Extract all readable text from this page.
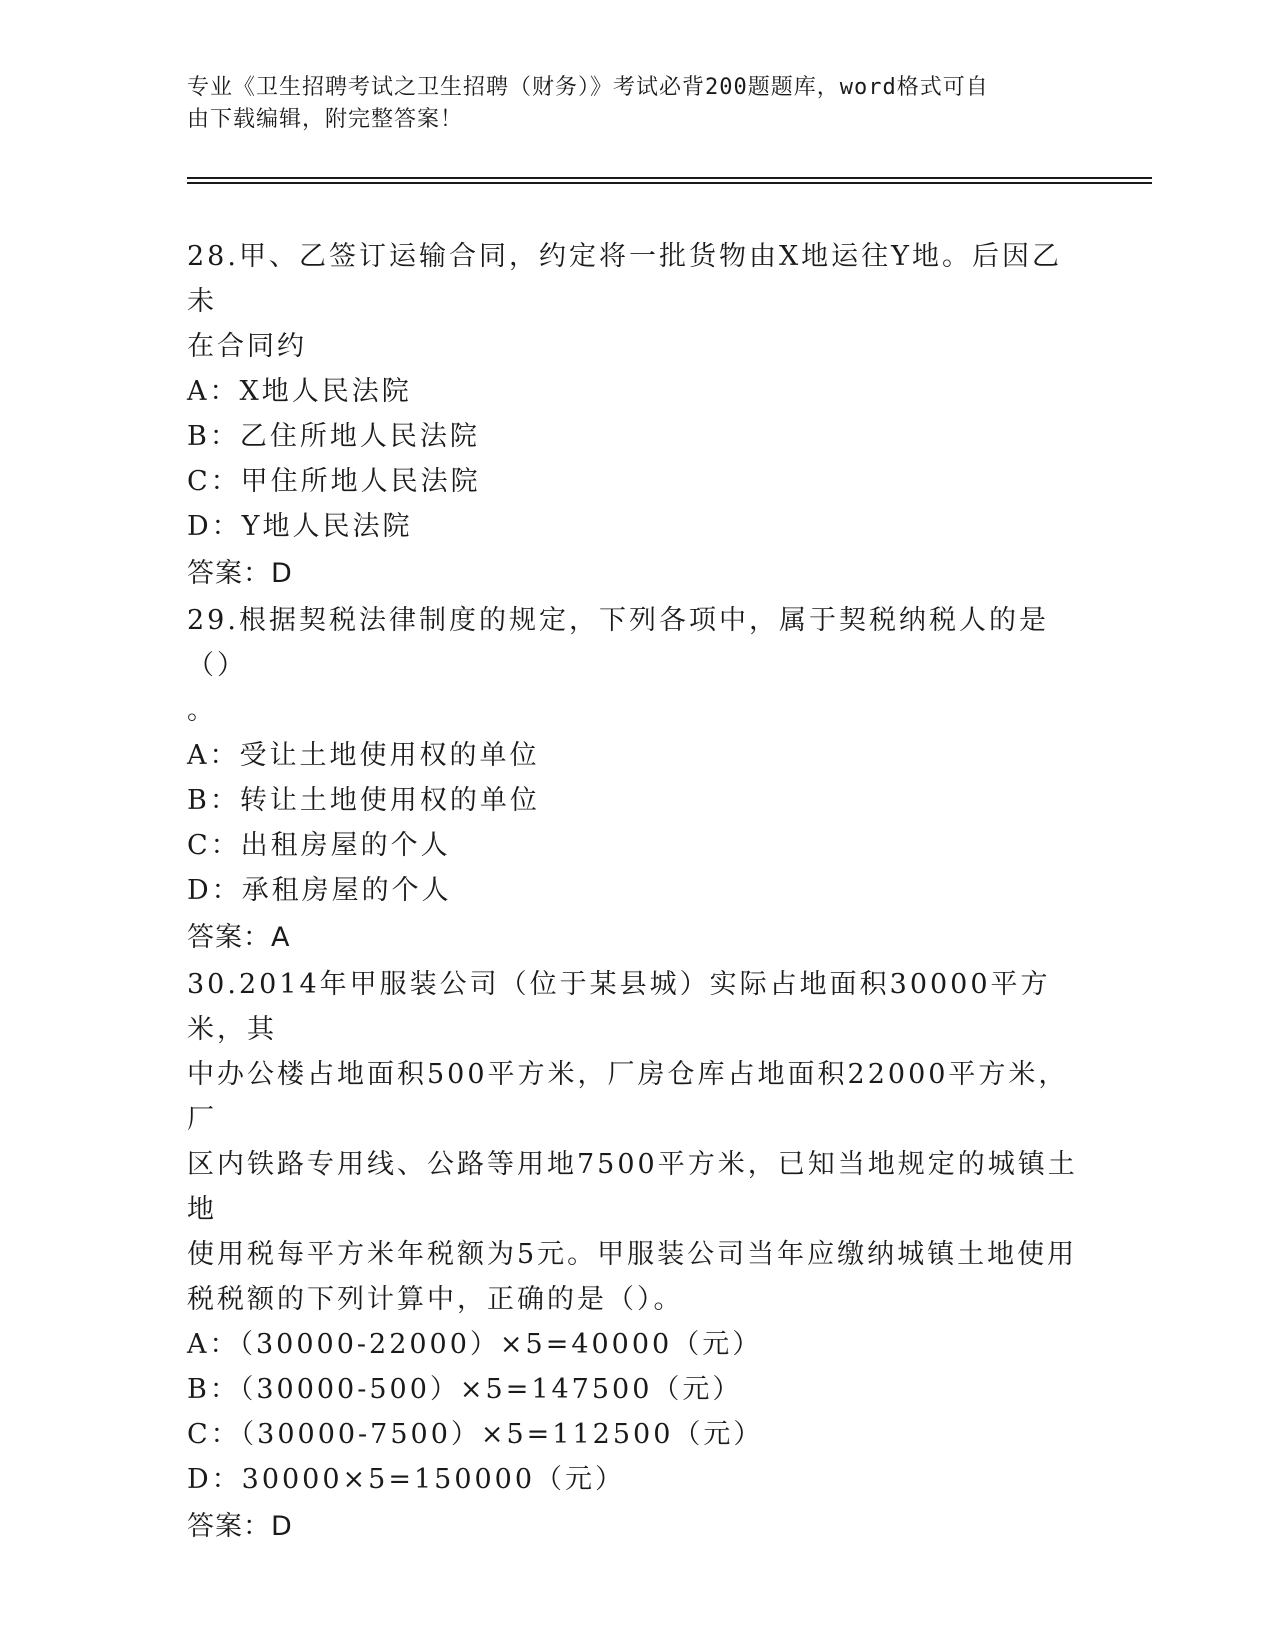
专业《卫生招聘考试之卫生招聘（财务）》考试必背200题题库，word格式可自
由下载编辑，附完整答案！
28.甲、乙签订运输合同，约定将一批货物由X地运往Y地。后因乙未
在合同约
A：X地人民法院
B：乙住所地人民法院
C：甲住所地人民法院
D：Y地人民法院
答案：D
29.根据契税法律制度的规定，下列各项中，属于契税纳税人的是（）
。
A：受让土地使用权的单位
B：转让土地使用权的单位
C：出租房屋的个人
D：承租房屋的个人
答案：A
30.2014年甲服装公司（位于某县城）实际占地面积30000平方米，其
中办公楼占地面积500平方米，厂房仓库占地面积22000平方米，厂
区内铁路专用线、公路等用地7500平方米，已知当地规定的城镇土地
使用税每平方米年税额为5元。甲服装公司当年应缴纳城镇土地使用
税税额的下列计算中，正确的是（）。
A：（30000-22000）×5=40000（元）
B：（30000-500）×5=147500（元）
C：（30000-7500）×5=112500（元）
D：30000×5=150000（元）
答案：D
